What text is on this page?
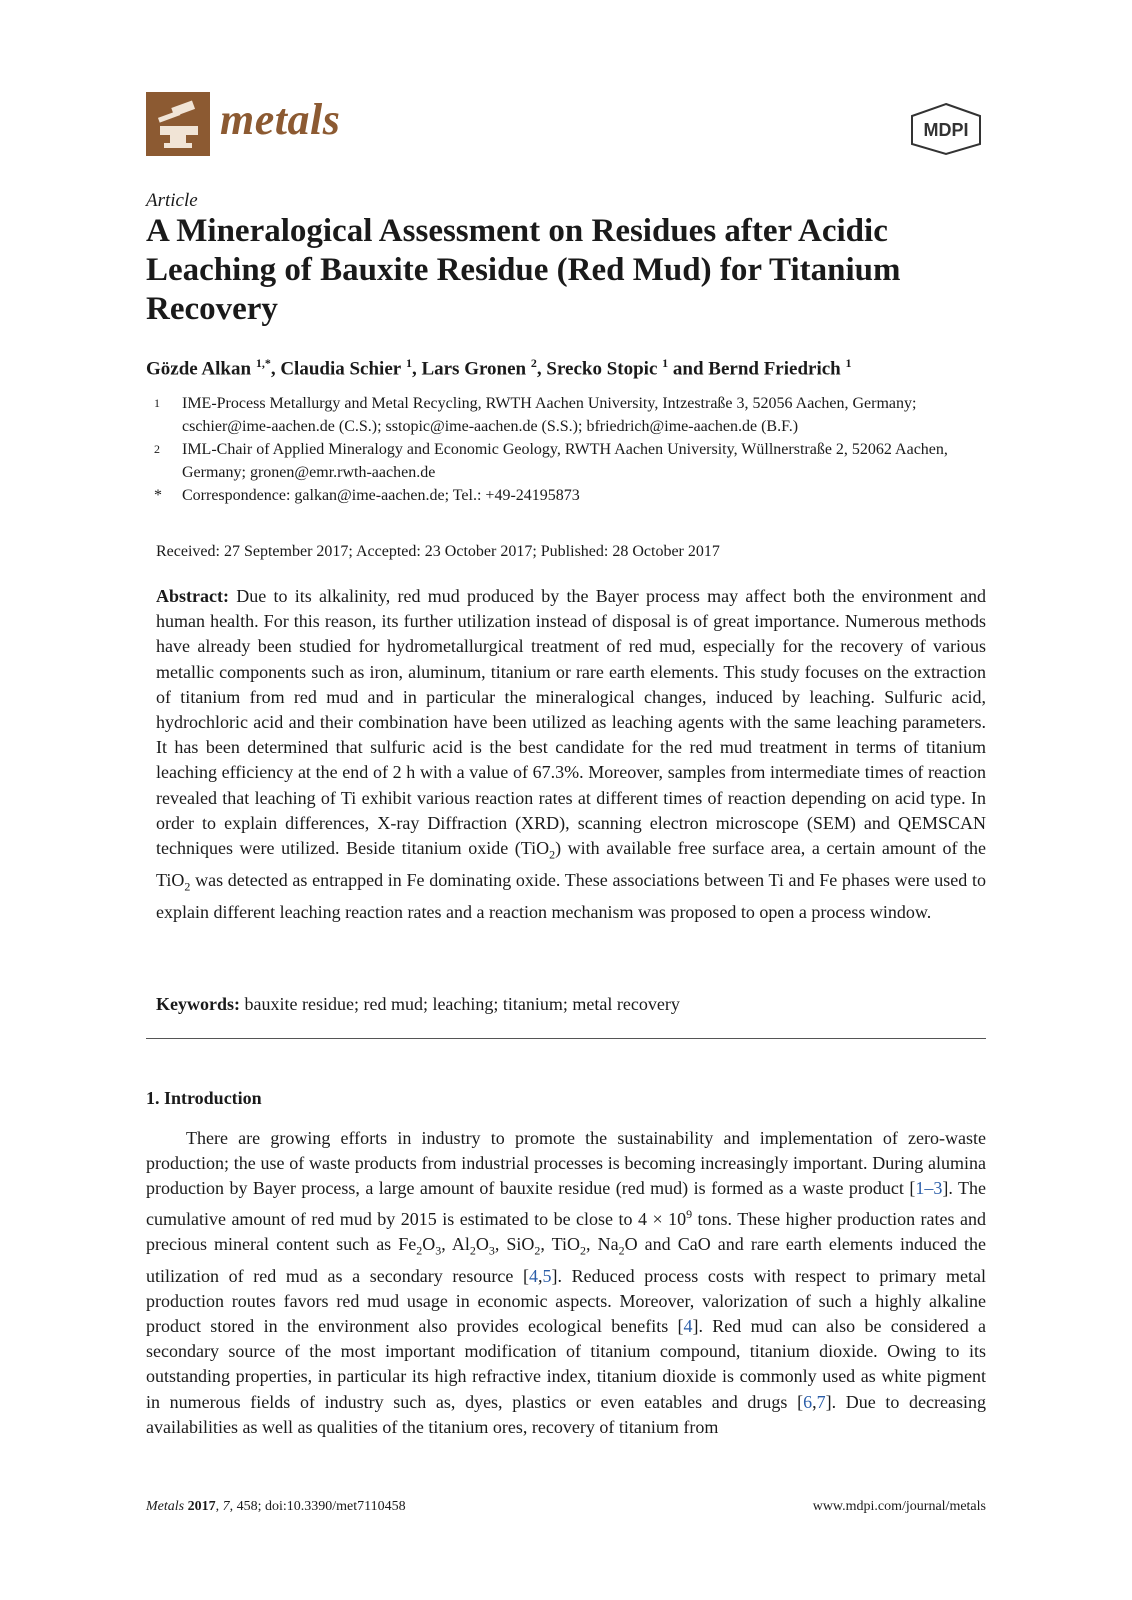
metals	MDPI
Article
A Mineralogical Assessment on Residues after Acidic Leaching of Bauxite Residue (Red Mud) for Titanium Recovery
Gözde Alkan $^{1,*}$, Claudia Schier $^1$, Lars Gronen $^2$, Srecko Stopic $^1$ and Bernd Friedrich $^1$
1	IME-Process Metallurgy and Metal Recycling, RWTH Aachen University, Intzestraße 3, 52056 Aachen, Germany; cschier@ime-aachen.de (C.S.); sstopic@ime-aachen.de (S.S.); bfriedrich@ime-aachen.de (B.F.)
2	IML-Chair of Applied Mineralogy and Economic Geology, RWTH Aachen University, Wüllnerstraße 2, 52062 Aachen, Germany; gronen@emr.rwth-aachen.de
*	Correspondence: galkan@ime-aachen.de; Tel.: +49-24195873
Received: 27 September 2017; Accepted: 23 October 2017; Published: 28 October 2017

Abstract: Due to its alkalinity, red mud produced by the Bayer process may affect both the environment and human health. For this reason, its further utilization instead of disposal is of great importance. Numerous methods have already been studied for hydrometallurgical treatment of red mud, especially for the recovery of various metallic components such as iron, aluminum, titanium or rare earth elements. This study focuses on the extraction of titanium from red mud and in particular the mineralogical changes, induced by leaching. Sulfuric acid, hydrochloric acid and their combination have been utilized as leaching agents with the same leaching parameters. It has been determined that sulfuric acid is the best candidate for the red mud treatment in terms of titanium leaching efficiency at the end of 2 h with a value of 67.3%. Moreover, samples from intermediate times of reaction revealed that leaching of Ti exhibit various reaction rates at different times of reaction depending on acid type. In order to explain differences, X-ray Diffraction (XRD), scanning electron microscope (SEM) and QEMSCAN techniques were utilized. Beside titanium oxide (TiO$_2$) with available free surface area, a certain amount of the TiO$_2$ was detected as entrapped in Fe dominating oxide. These associations between Ti and Fe phases were used to explain different leaching reaction rates and a reaction mechanism was proposed to open a process window.

Keywords: bauxite residue; red mud; leaching; titanium; metal recovery
1. Introduction

There are growing efforts in industry to promote the sustainability and implementation of zero-waste production; the use of waste products from industrial processes is becoming increasingly important. During alumina production by Bayer process, a large amount of bauxite residue (red mud) is formed as a waste product [1–3]. The cumulative amount of red mud by 2015 is estimated to be close to $4 \times 10^9$ tons. These higher production rates and precious mineral content such as $Fe_2O_3$, $Al_2O_3$, SiO$_2$, TiO$_2$, $Na_2O$ and CaO and rare earth elements induced the utilization of red mud as a secondary resource [4,5]. Reduced process costs with respect to primary metal production routes favors red mud usage in economic aspects. Moreover, valorization of such a highly alkaline product stored in the environment also provides ecological benefits [4]. Red mud can also be considered a secondary source of the most important modification of titanium compound, titanium dioxide. Owing to its outstanding properties, in particular its high refractive index, titanium dioxide is commonly used as white pigment in numerous fields of industry such as, dyes, plastics or even eatables and drugs [6,7]. Due to decreasing availabilities as well as qualities of the titanium ores, recovery of titanium from

Metals 2017, 7, 458; doi:10.3390/met7110458	www.mdpi.com/journal/metals
